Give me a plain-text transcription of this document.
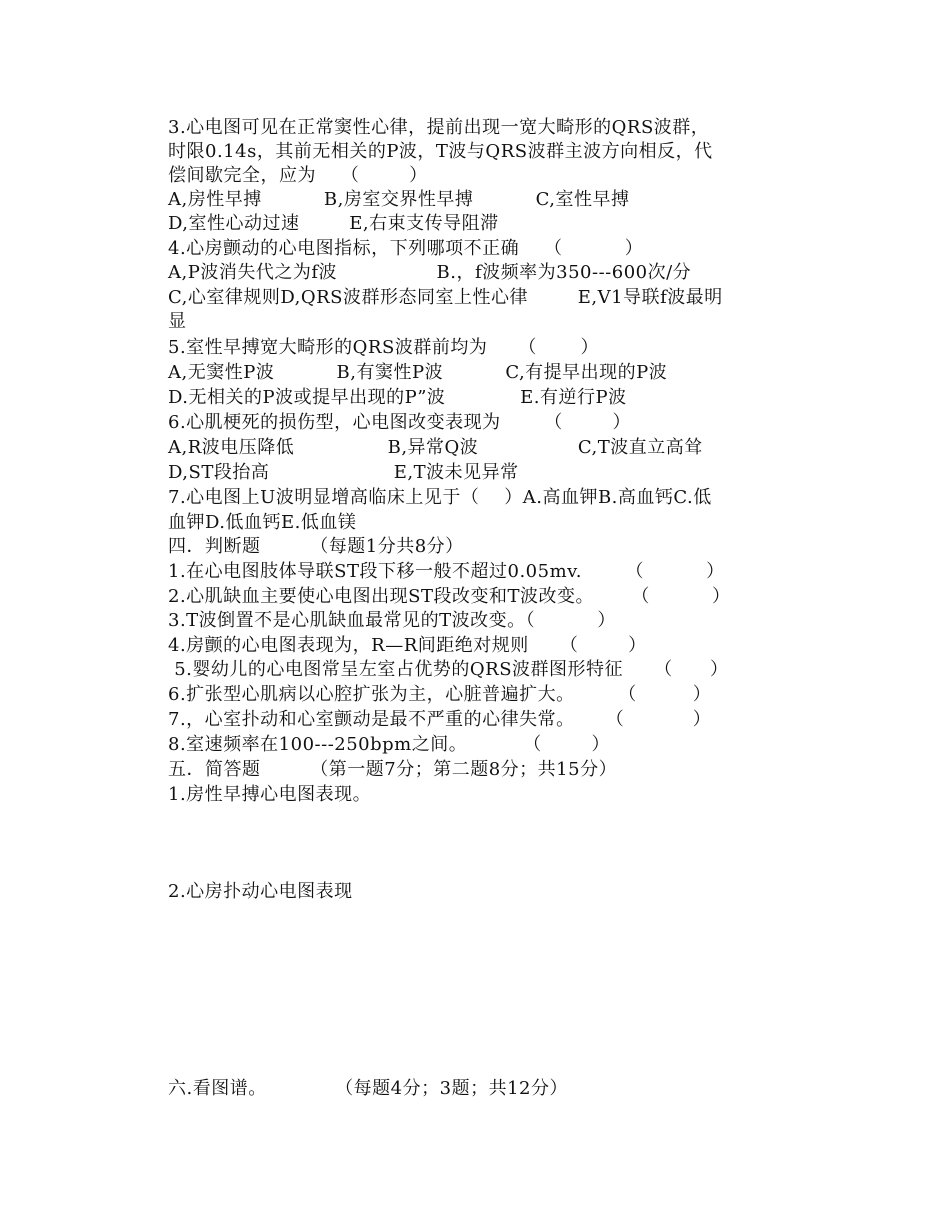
3.心电图可见在正常窦性心律，提前出现一宽大畸形的QRS波群，
时限0.14s，其前无相关的P波，T波与QRS波群主波方向相反，代
偿间歇完全，应为    （        ）
A,房性早搏          B,房室交界性早搏          C,室性早搏
D,室性心动过速        E,右束支传导阻滞
4.心房颤动的心电图指标，下列哪项不正确    （          ）
A,P波消失代之为f波                B.，f波频率为350---600次/分
C,心室律规则D,QRS波群形态同室上性心律        E,V1导联f波最明
显
5.室性早搏宽大畸形的QRS波群前均为     （       ）
A,无窦性P波          B,有窦性P波          C,有提早出现的P波
D.无相关的P波或提早出现的P”波            E.有逆行P波
6.心肌梗死的损伤型，心电图改变表现为       （        ）
A,R波电压降低               B,异常Q波                C,T波直立高耸
D,ST段抬高                    E,T波未见异常
7.心电图上U波明显增高临床上见于（    ）A.高血钾B.高血钙C.低
血钾D.低血钙E.低血镁
四．判断题        （每题1分共8分）
1.在心电图肢体导联ST段下移一般不超过0.05mv.       （          ）
2.心肌缺血主要使心电图出现ST段改变和T波改变。      （          ）
3.T波倒置不是心肌缺血最常见的T波改变。（          ）
4.房颤的心电图表现为，R—R间距绝对规则     （        ）
5.婴幼儿的心电图常呈左室占优势的QRS波群图形特征     （      ）
6.扩张型心肌病以心腔扩张为主，心脏普遍扩大。       （         ）
7.，心室扑动和心室颤动是最不严重的心律失常。     （           ）
8.室速频率在100---250bpm之间。         （        ）
五．简答题        （第一题7分；第二题8分；共15分）
1.房性早搏心电图表现。
2.心房扑动心电图表现
六.看图谱。           （每题4分；3题；共12分）
